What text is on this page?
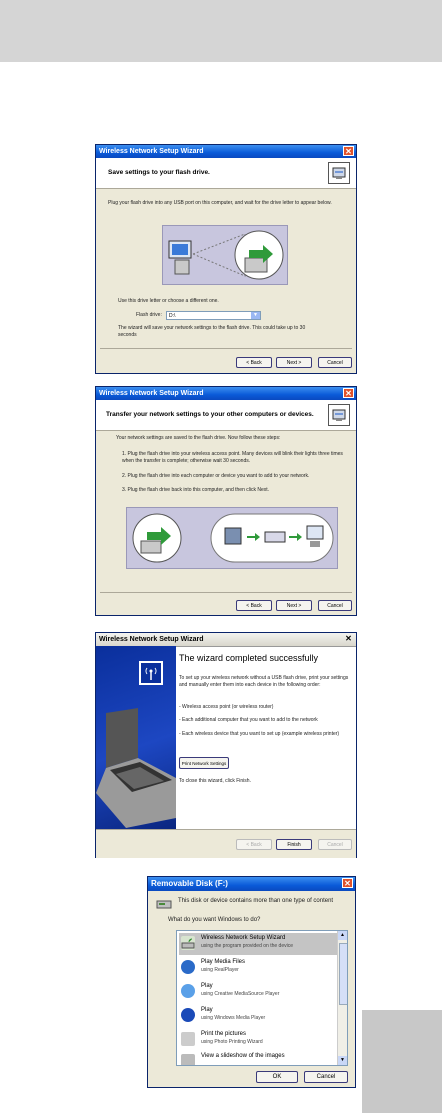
Wireless Network Setup Wizard	✕
Save settings to your flash drive.
Plug your flash drive into any USB port on this computer, and wait for the drive letter to appear below.
Use this drive letter or choose a different one.
Flash drive:	D:\	▼
The wizard will save your network settings to the flash drive. This could take up to 30 seconds
< Back	Next >	Cancel
Wireless Network Setup Wizard	✕
Transfer your network settings to your other computers or devices.
Your network settings are saved to the flash drive. Now follow these steps:
1. Plug the flash drive into your wireless access point. Many devices will blink their lights three times when the transfer is complete; otherwise wait 30 seconds.
2. Plug the flash drive into each computer or device you want to add to your network.
3. Plug the flash drive back into this computer, and then click Next.
< Back	Next >	Cancel
Wireless Network Setup Wizard	✕
The wizard completed successfully
To set up your wireless network without a USB flash drive, print your settings and manually enter them into each device in the following order:
- Wireless access point (or wireless router)
- Each additional computer that you want to add to the network
- Each wireless device that you want to set up (example wireless printer)
Print Network Settings
To close this wizard, click Finish.
< Back	Finish	Cancel
Removable Disk (F:)	✕
This disk or device contains more than one type of content
What do you want Windows to do?
Wireless Network Setup Wizard
using the program provided on the device
Play Media Files
using RealPlayer
Play
using Creative MediaSource Player
Play
using Windows Media Player
Print the pictures
using Photo Printing Wizard
View a slideshow of the images
▲
▼
OK	Cancel
